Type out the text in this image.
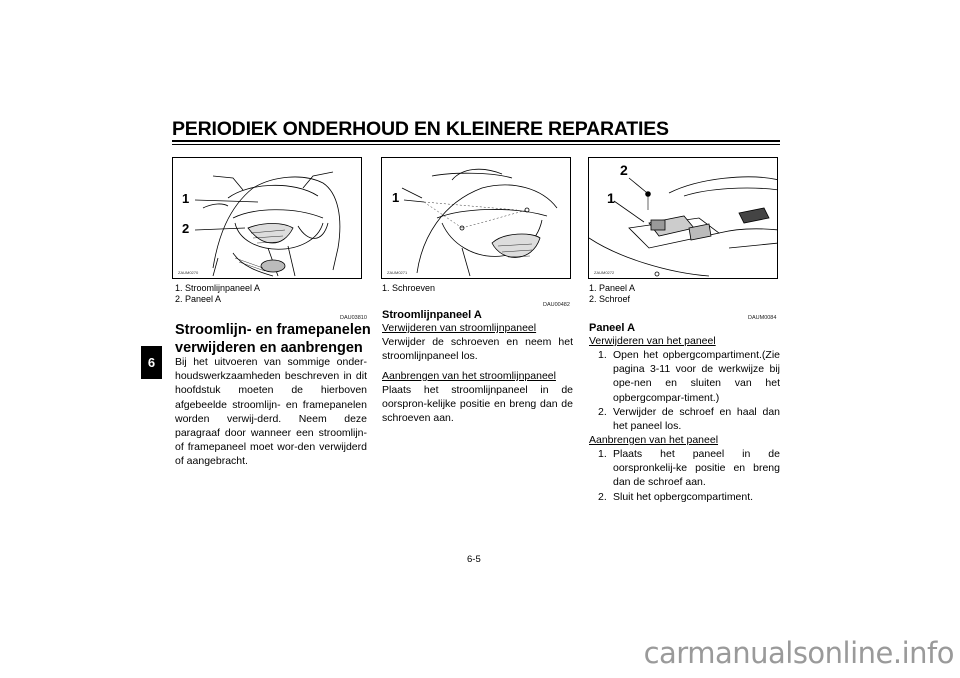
PERIODIEK ONDERHOUD EN KLEINERE REPARATIES
6
1
2
ZAUM0270
1
ZAUM0271
2
1
ZAUM0272
1. Stroomlijnpaneel A
2. Paneel A
DAU03810
Stroomlijn- en framepanelen
verwijderen en aanbrengen
Bij het uitvoeren van sommige onder-houdswerkzaamheden beschreven in dit hoofdstuk moeten de hierboven afgebeelde stroomlijn- en framepanelen worden verwij-derd. Neem deze paragraaf door wanneer een stroomlijn- of framepaneel moet wor-den verwijderd of aangebracht.
1. Schroeven
DAU00482
Stroomlijnpaneel A
Verwijderen van stroomlijnpaneel
Verwijder de schroeven en neem het stroomlijnpaneel los.
Aanbrengen van het stroomlijnpaneel
Plaats het stroomlijnpaneel in de oorspron-kelijke positie en breng dan de schroeven aan.
1. Paneel A
2. Schroef
DAUM0084
Paneel A
Verwijderen van het paneel
1. Open het opbergcompartiment.(Zie pagina 3-11 voor de werkwijze bij ope-nen en sluiten van het opbergcompar-timent.)
2. Verwijder de schroef en haal dan het paneel los.
Aanbrengen van het paneel
1. Plaats het paneel in de oorspronkelij-ke positie en breng dan de schroef aan.
2. Sluit het opbergcompartiment.
6-5
carmanualsonline.info
